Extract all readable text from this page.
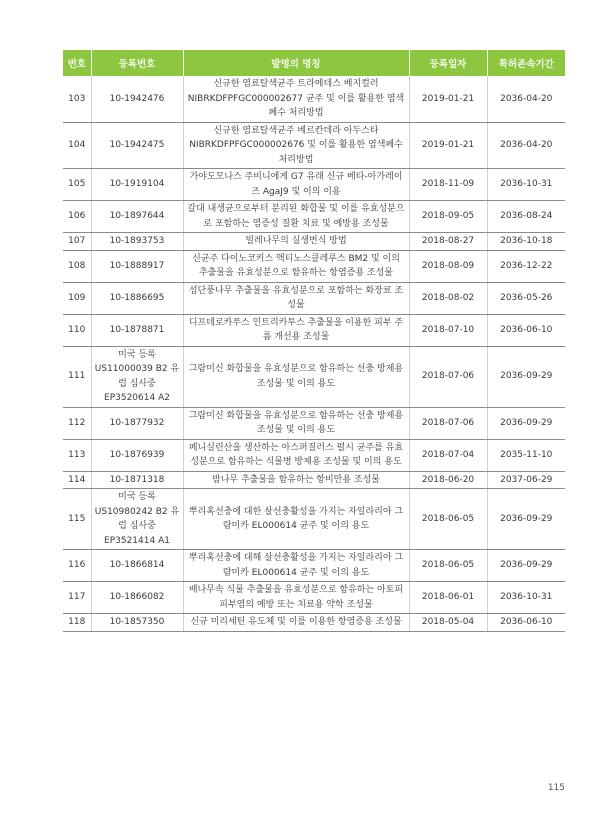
번호	등록번호	발명의 명칭	등록일자	특허존속기간
103	10-1942476	신규한 염료탈색균주 트라메테스 베지컬러 NIBRKDFPFGC000002677 균주 및 이를 활용한 염색폐수 처리방법	2019-01-21	2036-04-20
104	10-1942475	신규한 염료탈색균주 베르칸데라 아두스타 NIBRKDFPFGC000002676 및 이를 활용한 염색폐수 처리방법	2019-01-21	2036-04-20
105	10-1919104	가야도모나스 주비니에게 G7 유래 신규 베타-아가레이즈 AgaJ9 및 이의 이용	2018-11-09	2036-10-31
106	10-1897644	갈대 내생균으로부터 분리된 화합물 및 이를 유효성분으로 포함하는 염증성 질환 치료 및 예방용 조성물	2018-09-05	2036-08-24
107	10-1893753	빌레나무의 실생번식 방법	2018-08-27	2036-10-18
108	10-1888917	신균주 다이노코커스 액티노스클레루스 BM2 및 이의 추출물을 유효성분으로 함유하는 항염증용 조성물	2018-08-09	2036-12-22
109	10-1886695	섬단풍나무 추출물을 유효성분으로 포함하는 화장료 조성물	2018-08-02	2036-05-26
110	10-1878871	디프테로카푸스 인트리카투스 추출물을 이용한 피부 주름 개선용 조성물	2018-07-10	2036-06-10
111	미국 등록 US11000039 B2 유럽 심사중 EP3520614 A2	그람미신 화합물을 유효성분으로 함유하는 선충 방제용 조성물 및 이의 용도	2018-07-06	2036-09-29
112	10-1877932	그람미신 화합물을 유효성분으로 함유하는 선충 방제용 조성물 및 이의 용도	2018-07-06	2036-09-29
113	10-1876939	페니실린산을 생산하는 아스퍼질러스 펄시 균주를 유효성분으로 함유하는 식물병 방제용 조성물 및 이의 용도	2018-07-04	2035-11-10
114	10-1871318	밤나무 추출물을 함유하는 항비만용 조성물	2018-06-20	2037-06-29
115	미국 등록 US10980242 B2 유럽 심사중 EP3521414 A1	뿌리혹선충에 대한 살선충활성을 가지는 자일라리아 그람미카 EL000614 균주 및 이의 용도	2018-06-05	2036-09-29
116	10-1866814	뿌리혹선충에 대해 살선충활성을 가지는 자일라리아 그람미카 EL000614 균주 및 이의 용도	2018-06-05	2036-09-29
117	10-1866082	배나무속 식물 추출물을 유효성분으로 함유하는 아토피 피부염의 예방 또는 치료용 약학 조성물	2018-06-01	2036-10-31
118	10-1857350	신규 미리세틴 유도체 및 이를 이용한 항염증용 조성물	2018-05-04	2036-06-10
115
